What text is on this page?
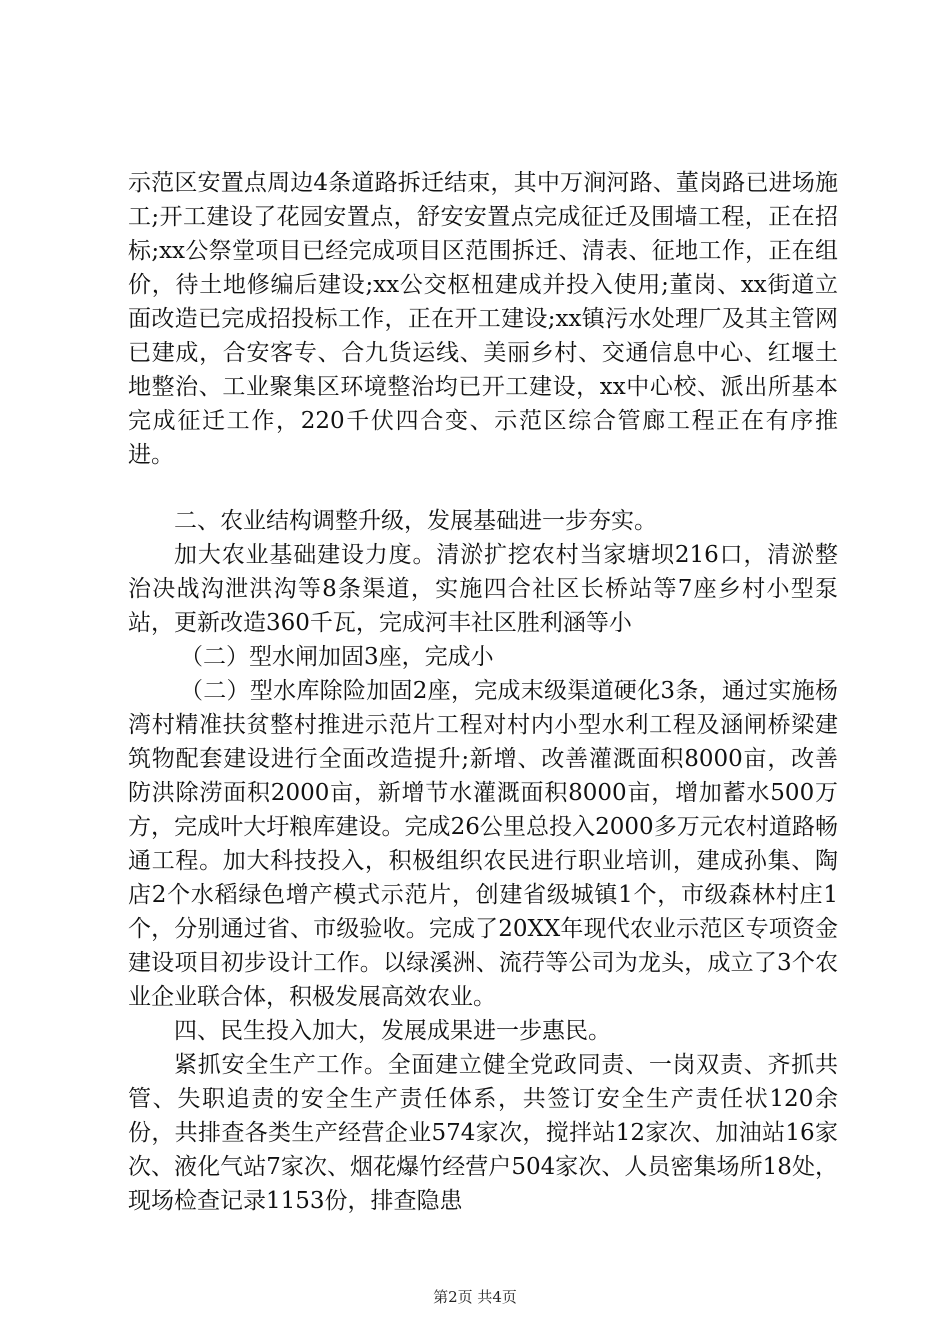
示范区安置点周边4条道路拆迁结束，其中万涧河路、董岗路已进场施工;开工建设了花园安置点，舒安安置点完成征迁及围墙工程，正在招标;xx公祭堂项目已经完成项目区范围拆迁、清表、征地工作，正在组价，待土地修编后建设;xx公交枢杻建成并投入使用;董岗、xx街道立面改造已完成招投标工作，正在开工建设;xx镇污水处理厂及其主管网已建成，合安客专、合九货运线、美丽乡村、交通信息中心、红堰土地整治、工业聚集区环境整治均已开工建设，xx中心校、派出所基本完成征迁工作，220千伏四合变、示范区综合管廊工程正在有序推进。

二、农业结构调整升级，发展基础进一步夯实。

加大农业基础建设力度。清淤扩挖农村当家塘坝216口，清淤整治决战沟泄洪沟等8条渠道，实施四合社区长桥站等7座乡村小型泵站，更新改造360千瓦，完成河丰社区胜利涵等小

（二）型水闸加固3座，完成小

（二）型水库除险加固2座，完成末级渠道硬化3条，通过实施杨湾村精准扶贫整村推进示范片工程对村内小型水利工程及涵闸桥梁建筑物配套建设进行全面改造提升;新增、改善灌溉面积8000亩，改善防洪除涝面积2000亩，新增节水灌溉面积8000亩，增加蓄水500万方，完成叶大圩粮库建设。完成26公里总投入2000多万元农村道路畅通工程。加大科技投入，积极组织农民进行职业培训，建成孙集、陶店2个水稻绿色增产模式示范片，创建省级城镇1个，市级森林村庄1个，分别通过省、市级验收。完成了20XX年现代农业示范区专项资金建设项目初步设计工作。以绿溪洲、流荇等公司为龙头，成立了3个农业企业联合体，积极发展高效农业。

四、民生投入加大，发展成果进一步惠民。

紧抓安全生产工作。全面建立健全党政同责、一岗双责、齐抓共管、失职追责的安全生产责任体系，共签订安全生产责任状120余份，共排查各类生产经营企业574家次，搅拌站12家次、加油站16家次、液化气站7家次、烟花爆竹经营户504家次、人员密集场所18处，现场检查记录1153份，排查隐患

第2页 共4页
